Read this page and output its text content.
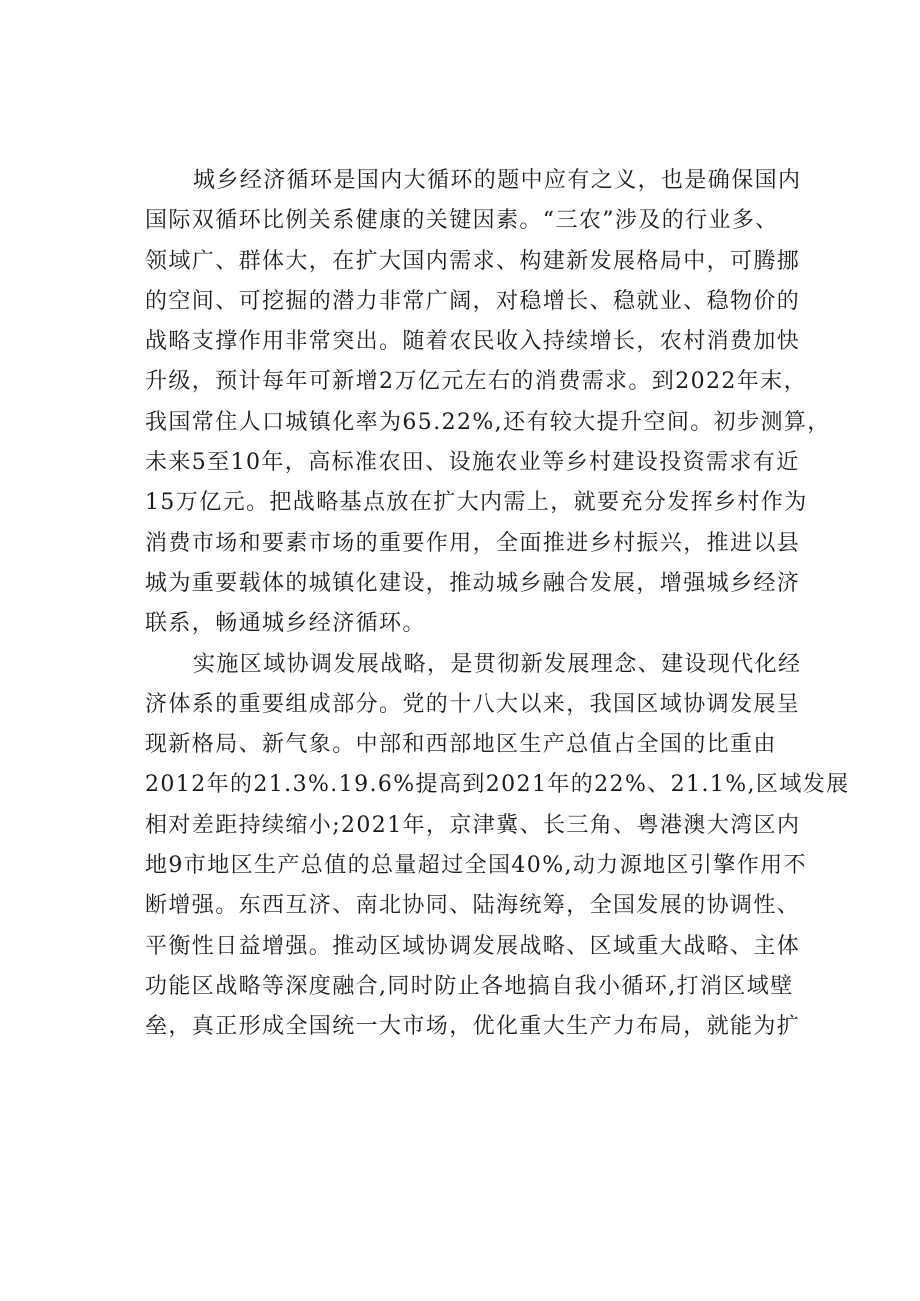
城乡经济循环是国内大循环的题中应有之义，也是确保国内
国际双循环比例关系健康的关键因素。“三农”涉及的行业多、
领域广、群体大，在扩大国内需求、构建新发展格局中，可腾挪
的空间、可挖掘的潜力非常广阔，对稳增长、稳就业、稳物价的
战略支撑作用非常突出。随着农民收入持续增长，农村消费加快
升级，预计每年可新增2万亿元左右的消费需求。到2022年末，
我国常住人口城镇化率为65.22%,还有较大提升空间。初步测算，
未来5至10年，高标准农田、设施农业等乡村建设投资需求有近
15万亿元。把战略基点放在扩大内需上，就要充分发挥乡村作为
消费市场和要素市场的重要作用，全面推进乡村振兴，推进以县
城为重要载体的城镇化建设，推动城乡融合发展，增强城乡经济
联系，畅通城乡经济循环。
实施区域协调发展战略，是贯彻新发展理念、建设现代化经
济体系的重要组成部分。党的十八大以来，我国区域协调发展呈
现新格局、新气象。中部和西部地区生产总值占全国的比重由
2012年的21.3%.19.6%提高到2021年的22%、21.1%,区域发展
相对差距持续缩小;2021年，京津冀、长三角、粤港澳大湾区内
地9市地区生产总值的总量超过全国40%,动力源地区引擎作用不
断增强。东西互济、南北协同、陆海统筹，全国发展的协调性、
平衡性日益增强。推动区域协调发展战略、区域重大战略、主体
功能区战略等深度融合,同时防止各地搞自我小循环,打消区域壁
垒，真正形成全国统一大市场，优化重大生产力布局，就能为扩
